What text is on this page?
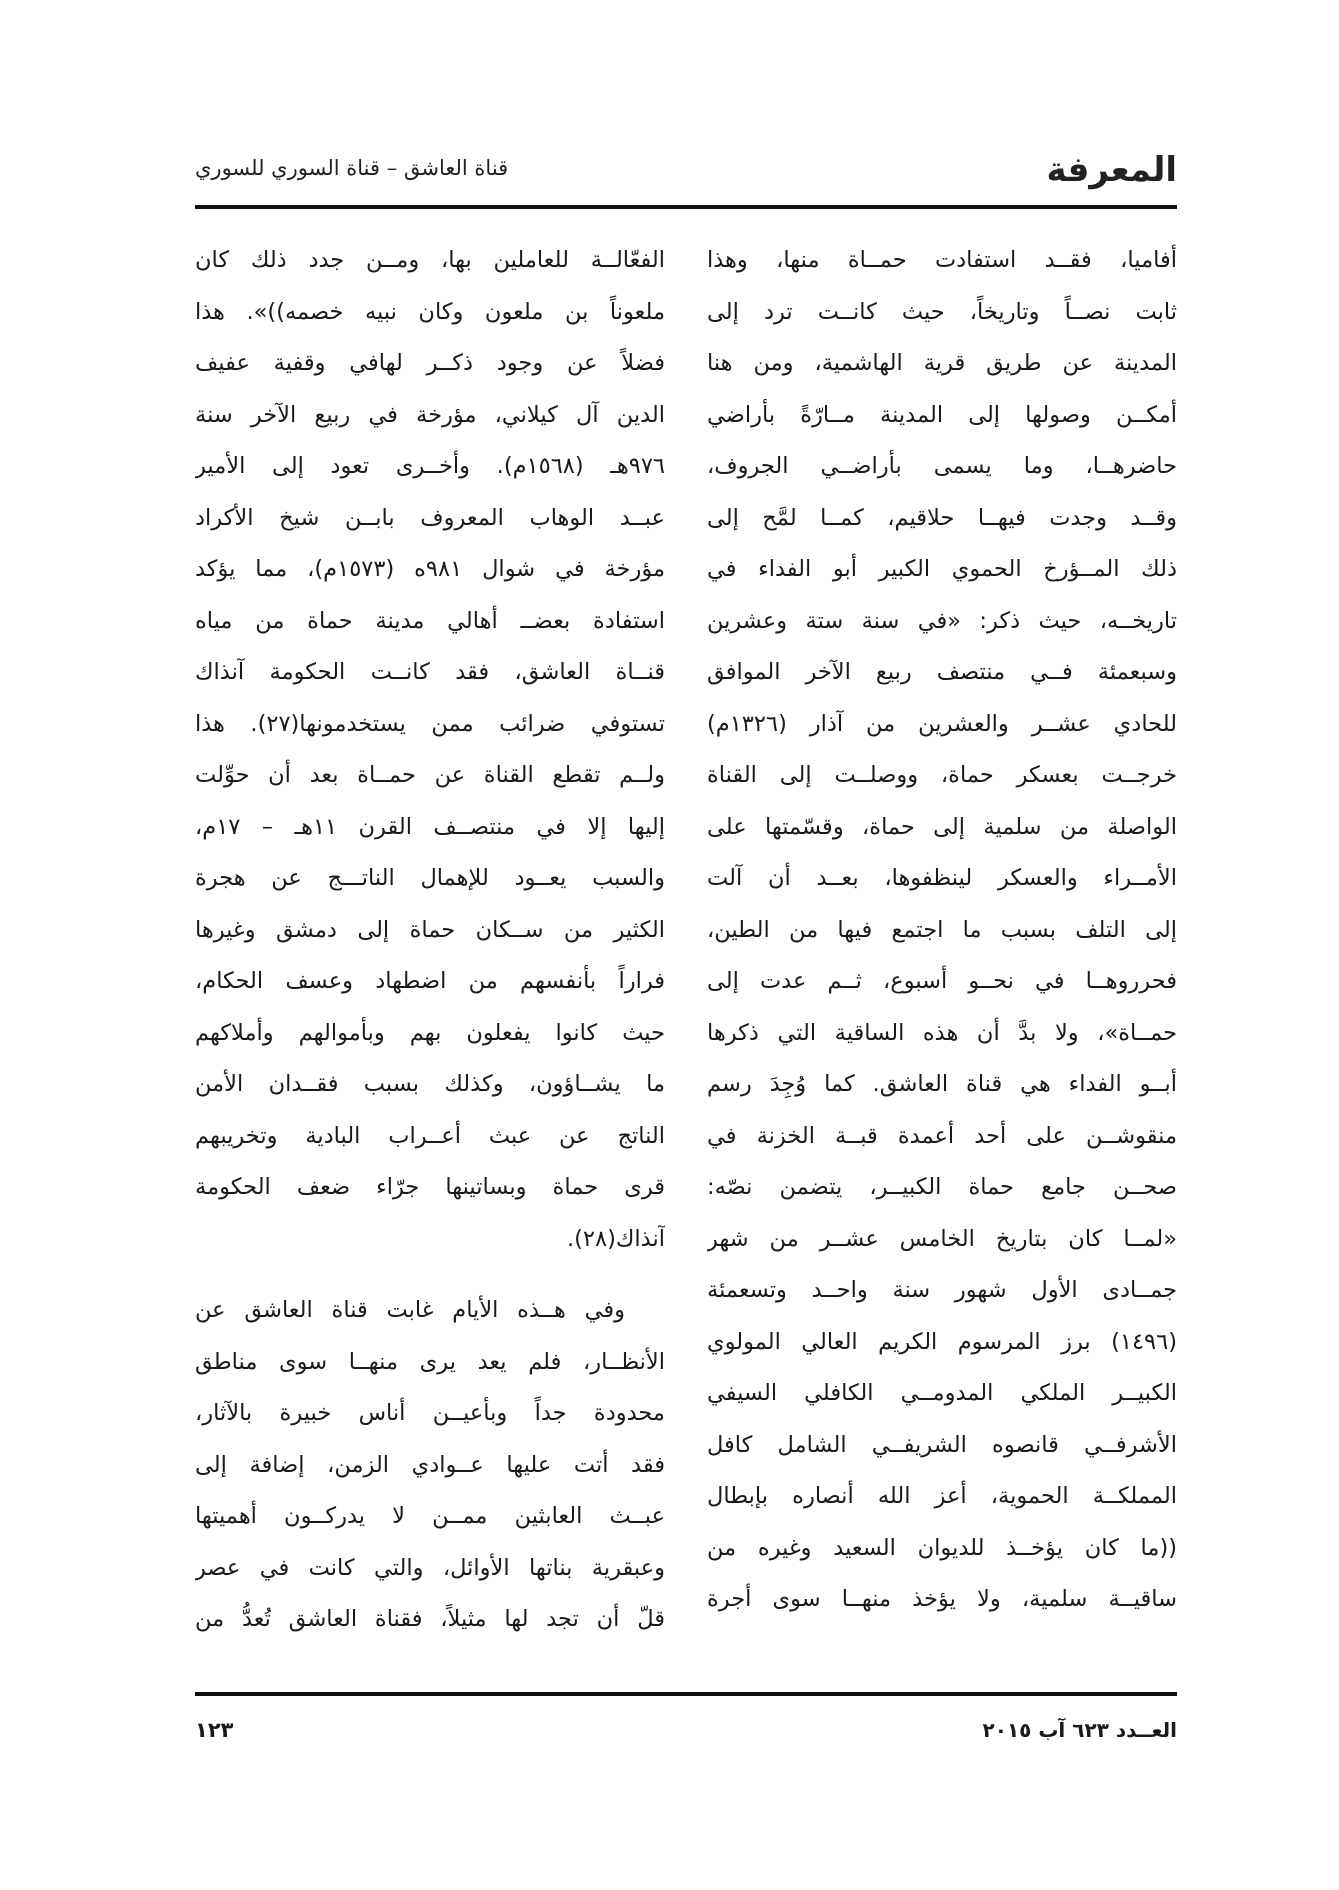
المعرفة
قناة العاشق – قناة السوري للسوري
أفاميا، فقــد استفادت حمــاة منها، وهذا
ثابت نصــاً وتاريخاً، حيث كانــت ترد إلى
المدينة عن طريق قرية الهاشمية، ومن هنا
أمكــن وصولها إلى المدينة مــارّةً بأراضي
حاضرهــا، وما يسمى بأراضــي الجروف،
وقــد وجدت فيهــا حلاقيم، كمــا لمَّح إلى
ذلك المــؤرخ الحموي الكبير أبو الفداء في
تاريخــه، حيث ذكر: «في سنة ستة وعشرين
وسبعمئة فــي منتصف ربيع الآخر الموافق
للحادي عشــر والعشرين من آذار (١٣٢٦م)
خرجــت بعسكر حماة، ووصلــت إلى القناة
الواصلة من سلمية إلى حماة، وقسّمتها على
الأمــراء والعسكر لينظفوها، بعــد أن آلت
إلى التلف بسبب ما اجتمع فيها من الطين،
فحرروهــا في نحــو أسبوع، ثــم عدت إلى
حمــاة»، ولا بدَّ أن هذه الساقية التي ذكرها
أبــو الفداء هي قناة العاشق. كما وُجِدَ رسم
منقوشــن على أحد أعمدة قبــة الخزنة في
صحــن جامع حماة الكبيــر، يتضمن نصّه:
«لمــا كان بتاريخ الخامس عشــر من شهر
جمــادى الأول شهور سنة واحــد وتسعمئة
(١٤٩٦) برز المرسوم الكريم العالي المولوي
الكبيــر الملكي المدومــي الكافلي السيفي
الأشرفــي قانصوه الشريفــي الشامل كافل
المملكــة الحموية، أعز الله أنصاره بإبطال
((ما كان يؤخــذ للديوان السعيد وغيره من
ساقيــة سلمية، ولا يؤخذ منهــا سوى أجرة
الفعّالــة للعاملين بها، ومــن جدد ذلك كان
ملعوناً بن ملعون وكان نبيه خصمه))». هذا
فضلاً عن وجود ذكــر لهافي وقفية عفيف
الدين آل كيلاني، مؤرخة في ربيع الآخر سنة
٩٧٦هـ (١٥٦٨م). وأخــرى تعود إلى الأمير
عبــد الوهاب المعروف بابــن شيخ الأكراد
مؤرخة في شوال ٩٨١ه (١٥٧٣م)، مما يؤكد
استفادة بعضــ أهالي مدينة حماة من مياه
قنــاة العاشق، فقد كانــت الحكومة آنذاك
تستوفي ضرائب ممن يستخدمونها(٢٧). هذا
ولــم تقطع القناة عن حمــاة بعد أن حوِّلت
إليها إلا في منتصــف القرن ١١هـ – ١٧م،
والسبب يعــود للإهمال الناتـــج عن هجرة
الكثير من ســكان حماة إلى دمشق وغيرها
فراراً بأنفسهم من اضطهاد وعسف الحكام،
حيث كانوا يفعلون بهم وبأموالهم وأملاكهم
ما يشــاؤون، وكذلك بسبب فقــدان الأمن
الناتج عن عبث أعــراب البادية وتخريبهم
قرى حماة وبساتينها جرّاء ضعف الحكومة
آنذاك(٢٨).
وفي هــذه الأيام غابت قناة العاشق عن
الأنظــار، فلم يعد يرى منهــا سوى مناطق
محدودة جداً وبأعيــن أناس خبيرة بالآثار،
فقد أتت عليها عــوادي الزمن، إضافة إلى
عبــث العابثين ممــن لا يدركــون أهميتها
وعبقرية بناتها الأوائل، والتي كانت في عصر
قلّ أن تجد لها مثيلاً، فقناة العاشق تُعدُّ من
العــدد ٦٢٣ آب ٢٠١٥
١٢٣
